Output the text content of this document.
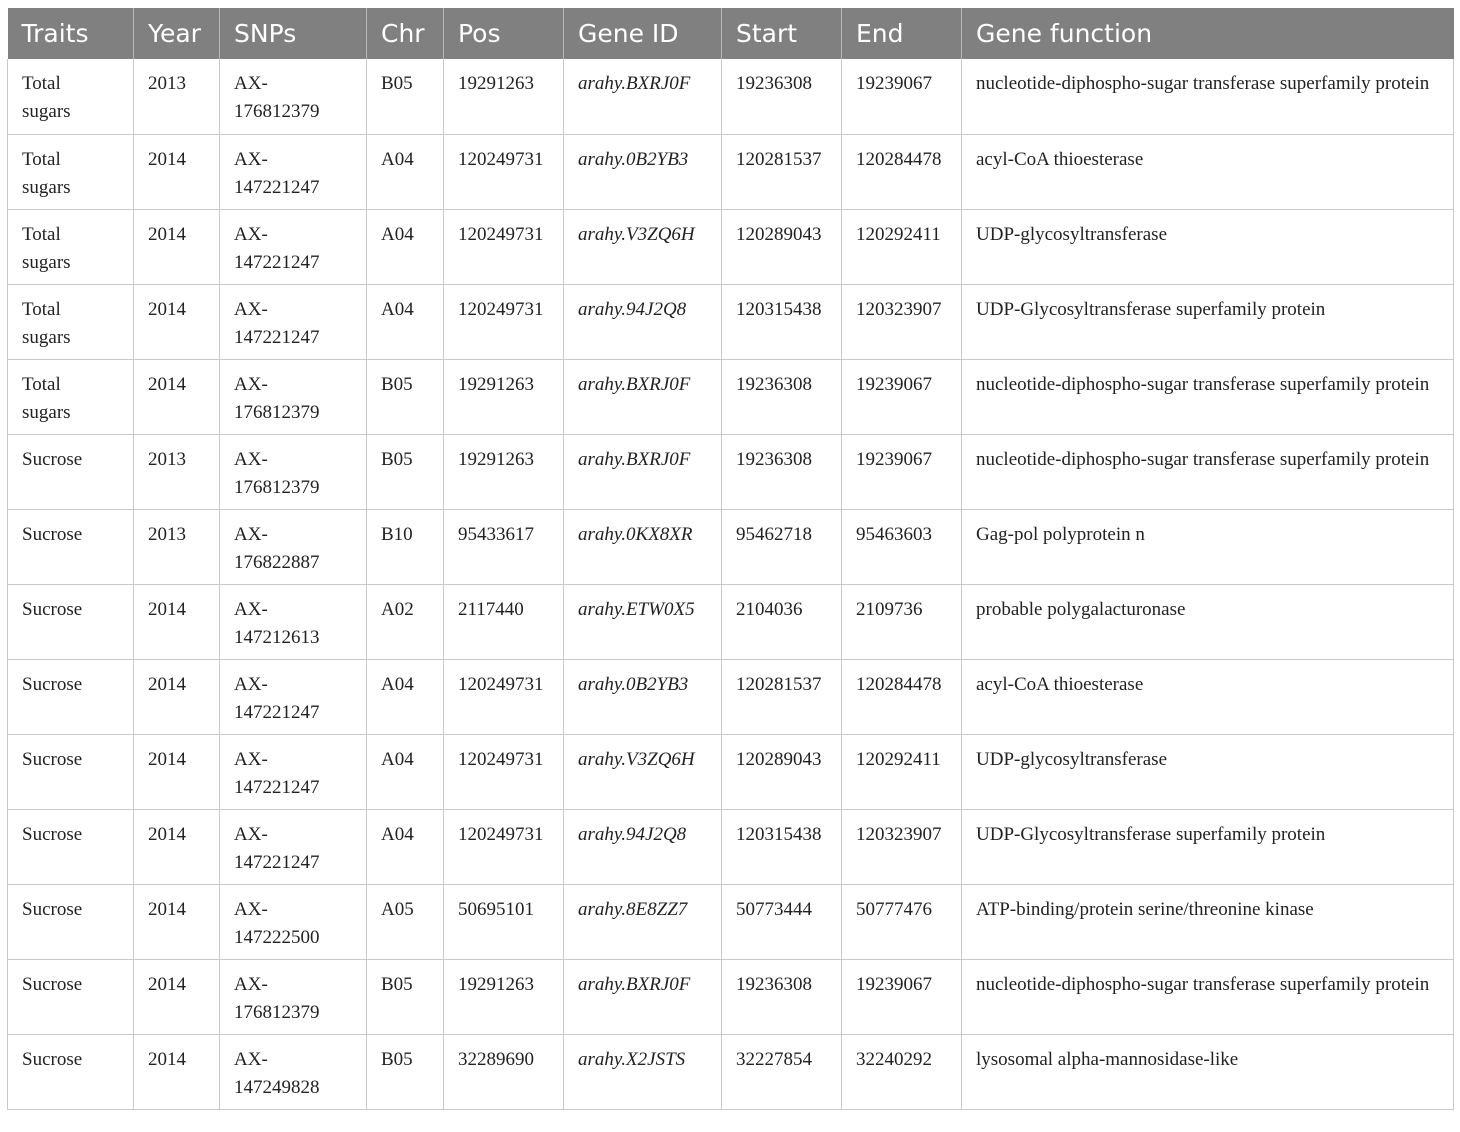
Traits	Year	SNPs	Chr	Pos	Gene ID	Start	End	Gene function
Total sugars	2013	AX-176812379	B05	19291263	arahy.BXRJ0F	19236308	19239067	nucleotide-diphospho-sugar transferase superfamily protein
Total sugars	2014	AX-147221247	A04	120249731	arahy.0B2YB3	120281537	120284478	acyl-CoA thioesterase
Total sugars	2014	AX-147221247	A04	120249731	arahy.V3ZQ6H	120289043	120292411	UDP-glycosyltransferase
Total sugars	2014	AX-147221247	A04	120249731	arahy.94J2Q8	120315438	120323907	UDP-Glycosyltransferase superfamily protein
Total sugars	2014	AX-176812379	B05	19291263	arahy.BXRJ0F	19236308	19239067	nucleotide-diphospho-sugar transferase superfamily protein
Sucrose	2013	AX-176812379	B05	19291263	arahy.BXRJ0F	19236308	19239067	nucleotide-diphospho-sugar transferase superfamily protein
Sucrose	2013	AX-176822887	B10	95433617	arahy.0KX8XR	95462718	95463603	Gag-pol polyprotein n
Sucrose	2014	AX-147212613	A02	2117440	arahy.ETW0X5	2104036	2109736	probable polygalacturonase
Sucrose	2014	AX-147221247	A04	120249731	arahy.0B2YB3	120281537	120284478	acyl-CoA thioesterase
Sucrose	2014	AX-147221247	A04	120249731	arahy.V3ZQ6H	120289043	120292411	UDP-glycosyltransferase
Sucrose	2014	AX-147221247	A04	120249731	arahy.94J2Q8	120315438	120323907	UDP-Glycosyltransferase superfamily protein
Sucrose	2014	AX-147222500	A05	50695101	arahy.8E8ZZ7	50773444	50777476	ATP-binding/protein serine/threonine kinase
Sucrose	2014	AX-176812379	B05	19291263	arahy.BXRJ0F	19236308	19239067	nucleotide-diphospho-sugar transferase superfamily protein
Sucrose	2014	AX-147249828	B05	32289690	arahy.X2JSTS	32227854	32240292	lysosomal alpha-mannosidase-like
